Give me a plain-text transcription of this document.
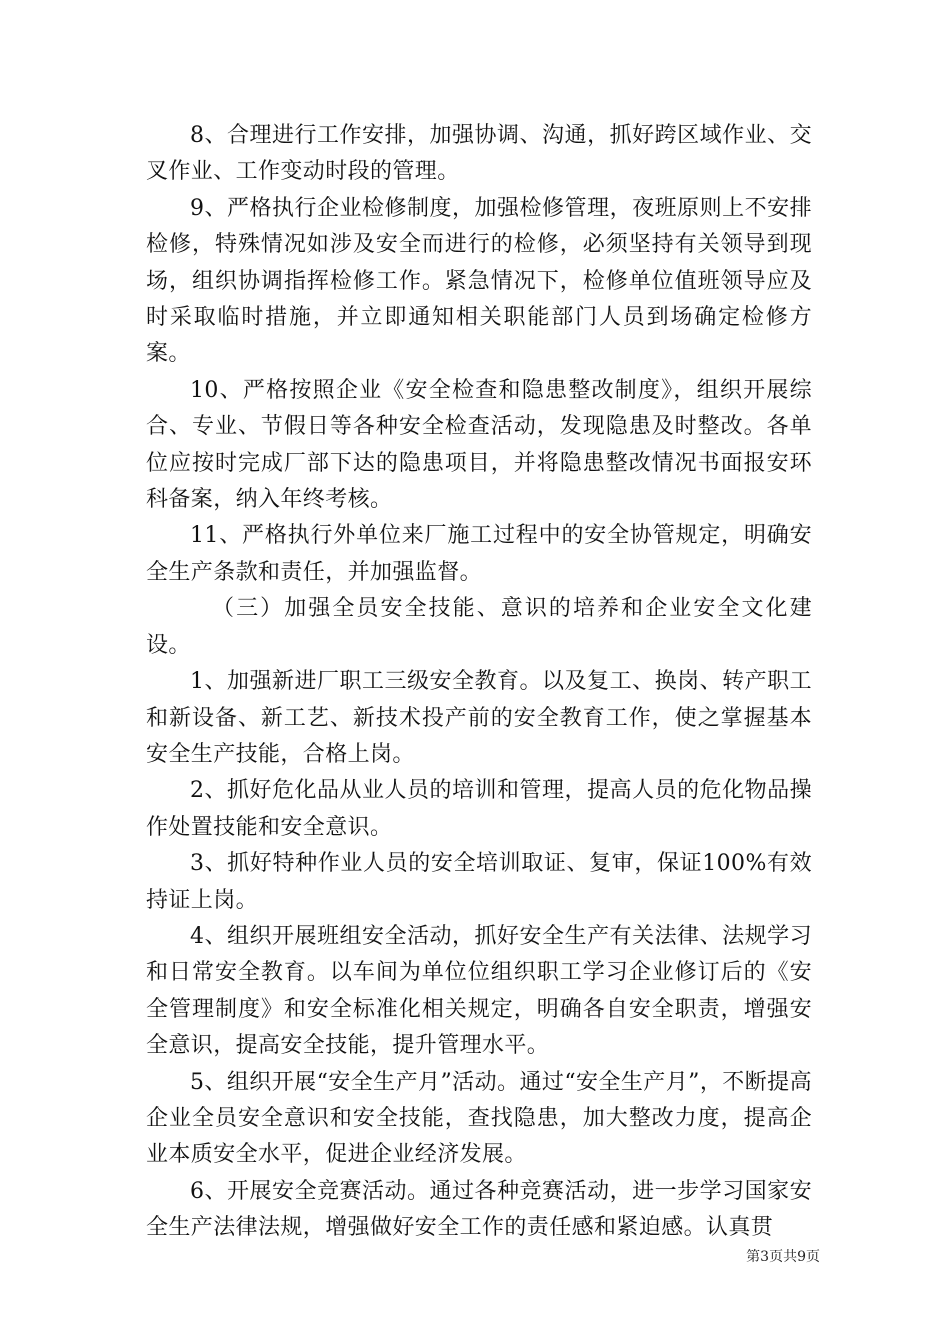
8、合理进行工作安排，加强协调、沟通，抓好跨区域作业、交叉作业、工作变动时段的管理。

9、严格执行企业检修制度，加强检修管理，夜班原则上不安排检修，特殊情况如涉及安全而进行的检修，必须坚持有关领导到现场，组织协调指挥检修工作。紧急情况下，检修单位值班领导应及时采取临时措施，并立即通知相关职能部门人员到场确定检修方案。

10、严格按照企业《安全检查和隐患整改制度》，组织开展综合、专业、节假日等各种安全检查活动，发现隐患及时整改。各单位应按时完成厂部下达的隐患项目，并将隐患整改情况书面报安环科备案，纳入年终考核。

11、严格执行外单位来厂施工过程中的安全协管规定，明确安全生产条款和责任，并加强监督。

（三）加强全员安全技能、意识的培养和企业安全文化建设。

1、加强新进厂职工三级安全教育。以及复工、换岗、转产职工和新设备、新工艺、新技术投产前的安全教育工作，使之掌握基本安全生产技能，合格上岗。

2、抓好危化品从业人员的培训和管理，提高人员的危化物品操作处置技能和安全意识。

3、抓好特种作业人员的安全培训取证、复审，保证100%有效持证上岗。

4、组织开展班组安全活动，抓好安全生产有关法律、法规学习和日常安全教育。以车间为单位位组织职工学习企业修订后的《安全管理制度》和安全标准化相关规定，明确各自安全职责，增强安全意识，提高安全技能，提升管理水平。

5、组织开展“安全生产月”活动。通过“安全生产月”，不断提高企业全员安全意识和安全技能，查找隐患，加大整改力度，提高企业本质安全水平，促进企业经济发展。

6、开展安全竞赛活动。通过各种竞赛活动，进一步学习国家安全生产法律法规，增强做好安全工作的责任感和紧迫感。认真贯

第3页共9页
